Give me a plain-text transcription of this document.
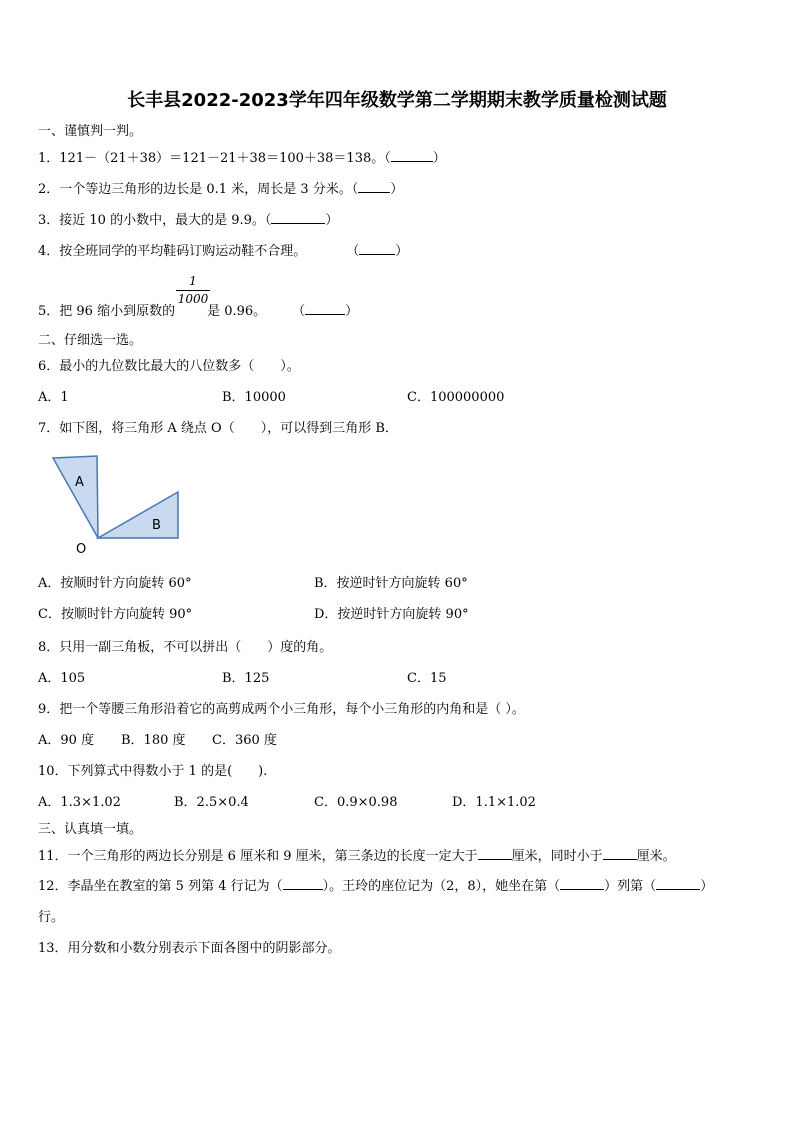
长丰县2022-2023学年四年级数学第二学期期末教学质量检测试题
一、谨慎判一判。
1．121－（21＋38）＝121－21＋38＝100＋38＝138。（	）
2．一个等边三角形的边长是 0.1 米，周长是 3 分米。（ ）
3．接近 10 的小数中，最大的是 9.9。（	）
4．按全班同学的平均鞋码订购运动鞋不合理。	（	）
5．把 96 缩小到原数的 是 0.96。 （	）
$\frac{1}{1000}$
二、仔细选一选。
6．最小的九位数比最大的八位数多（　　）。
A．1	B．10000	C．100000000
7．如下图，将三角形 A 绕点 O（　　），可以得到三角形 B．
A
B
O
A．按顺时针方向旋转 60°	B．按逆时针方向旋转 60°
C．按顺时针方向旋转 90°	D．按逆时针方向旋转 90°
8．只用一副三角板，不可以拼出（　　）度的角。
A．105	B．125	C．15
9．把一个等腰三角形沿着它的高剪成两个小三角形，每个小三角形的内角和是（ ）。
A．90 度 B．180 度 C．360 度
10．下列算式中得数小于 1 的是(　　).
A．1.3×1.02	B．2.5×0.4	C．0.9×0.98	D．1.1×1.02
三、认真填一填。
11．一个三角形的两边长分别是 6 厘米和 9 厘米，第三条边的长度一定大于	厘米，同时小于	厘米。
12．李晶坐在教室的第 5 列第 4 行记为（	）。王玲的座位记为（2，8），她坐在第（	）列第（	）
行。
13．用分数和小数分别表示下面各图中的阴影部分。
